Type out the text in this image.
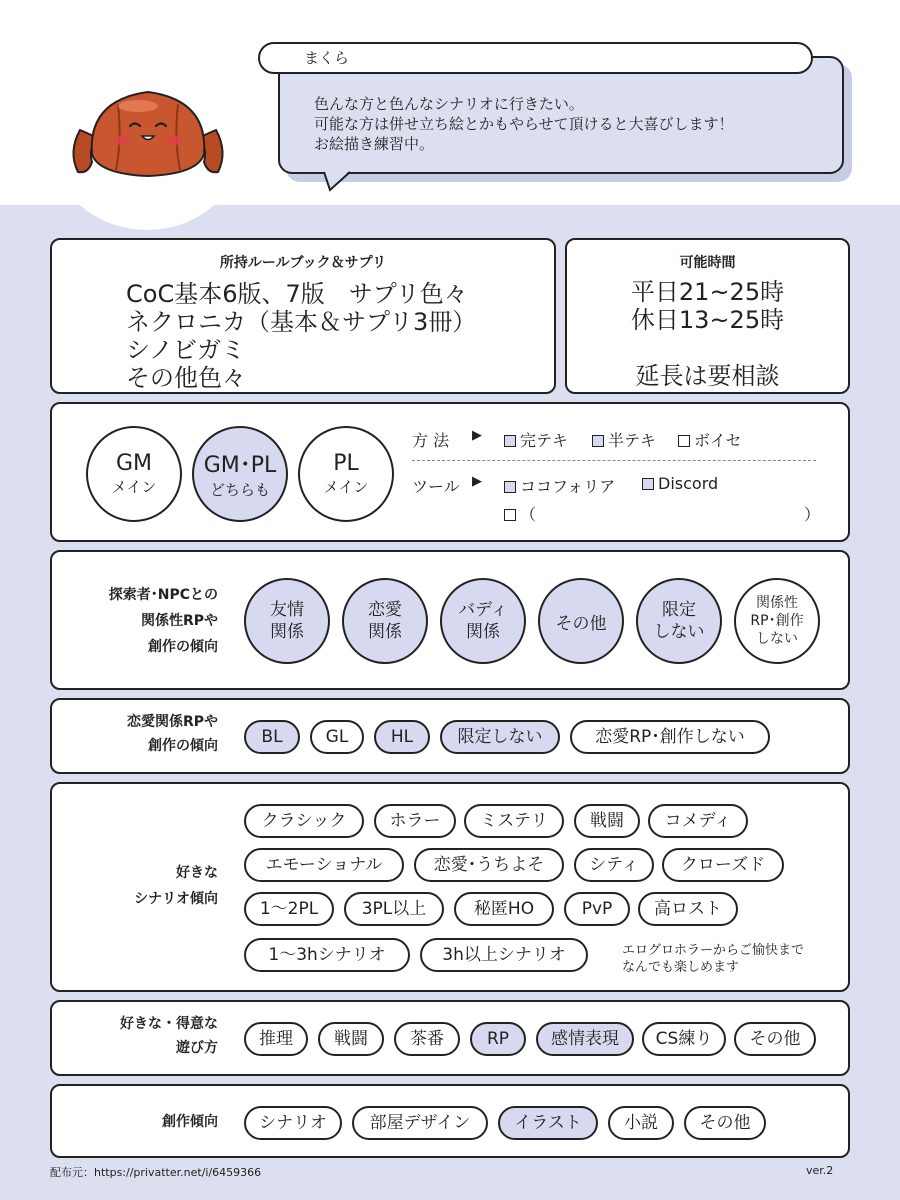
まくら
色んな方と色んなシナリオに行きたい。
可能な方は併せ立ち絵とかもやらせて頂けると大喜びします！
お絵描き練習中。
所持ルールブック＆サプリ
CoC基本6版、7版　サプリ色々
ネクロニカ（基本＆サプリ3冊）
シノビガミ
その他色々
可能時間
平日21~25時
休日13~25時
延長は要相談
GM
メイン
GM･PL
どちらも
PL
メイン
方 法 ▶	完テキ	半テキ	ボイセ
ツール ▶	ココフォリア	Discord
（	）
探索者･NPCとの
関係性RPや
創作の傾向
友情
関係
恋愛
関係
バディ
関係	その他
限定
しない
関係性
RP･創作
しない
恋愛関係RPや
創作の傾向	BL	GL	HL	限定しない	恋愛RP･創作しない
好きな
シナリオ傾向
クラシック	ホラー	ミステリ	戦闘	コメディ
エモーショナル	恋愛･うちよそ	シティ	クローズド
1〜2PL	3PL以上	秘匿HO	PvP	高ロスト
1〜3hシナリオ	3h以上シナリオ	エログロホラーからご愉快まで
なんでも楽しめます
好きな・得意な
遊び方	推理	戦闘	茶番	RP	感情表現	CS練り	その他
創作傾向	シナリオ	部屋デザイン	イラスト	小説	その他
配布元：https://privatter.net/i/6459366	ver.2
